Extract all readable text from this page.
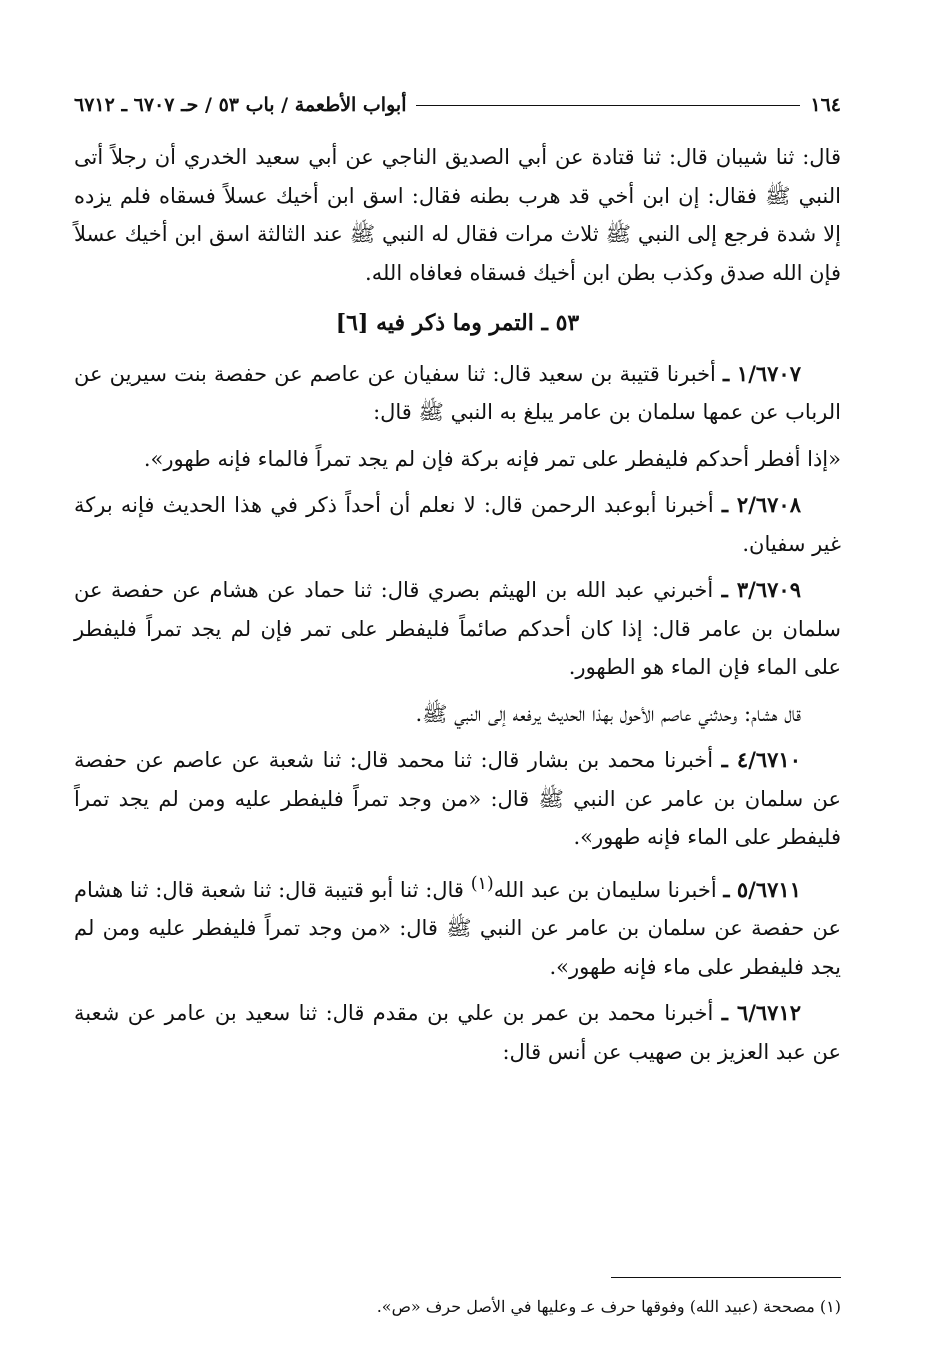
١٦٤
أبواب الأطعمة / باب ٥٣ / حـ ٦٧٠٧ ـ ٦٧١٢

قال: ثنا شيبان قال: ثنا قتادة عن أبي الصديق الناجي عن أبي سعيد الخدري أن رجلاً أتى النبي ﷺ فقال: إن ابن أخي قد هرب بطنه فقال: اسق ابن أخيك عسلاً فسقاه فلم يزده إلا شدة فرجع إلى النبي ﷺ ثلاث مرات فقال له النبي ﷺ عند الثالثة اسق ابن أخيك عسلاً فإن الله صدق وكذب بطن ابن أخيك فسقاه فعافاه الله.

٥٣ ـ التمر وما ذكر فيه [٦]

١/٦٧٠٧ ـ أخبرنا قتيبة بن سعيد قال: ثنا سفيان عن عاصم عن حفصة بنت سيرين عن الرباب عن عمها سلمان بن عامر يبلغ به النبي ﷺ قال:

«إذا أفطر أحدكم فليفطر على تمر فإنه بركة فإن لم يجد تمراً فالماء فإنه طهور».

٢/٦٧٠٨ ـ أخبرنا أبوعبد الرحمن قال: لا نعلم أن أحداً ذكر في هذا الحديث فإنه بركة غير سفيان.

٣/٦٧٠٩ ـ أخبرني عبد الله بن الهيثم بصري قال: ثنا حماد عن هشام عن حفصة عن سلمان بن عامر قال: إذا كان أحدكم صائماً فليفطر على تمر فإن لم يجد تمراً فليفطر على الماء فإن الماء هو الطهور.

قال هشام: وحدثني عاصم الأحول بهذا الحديث يرفعه إلى النبي ﷺ.

٤/٦٧١٠ ـ أخبرنا محمد بن بشار قال: ثنا محمد قال: ثنا شعبة عن عاصم عن حفصة عن سلمان بن عامر عن النبي ﷺ قال: «من وجد تمراً فليفطر عليه ومن لم يجد تمراً فليفطر على الماء فإنه طهور».

٥/٦٧١١ ـ أخبرنا سليمان بن عبد الله$^{(١)}$ قال: ثنا أبو قتيبة قال: ثنا شعبة قال: ثنا هشام عن حفصة عن سلمان بن عامر عن النبي ﷺ قال: «من وجد تمراً فليفطر عليه ومن لم يجد فليفطر على ماء فإنه طهور».

٦/٦٧١٢ ـ أخبرنا محمد بن عمر بن علي بن مقدم قال: ثنا سعيد بن عامر عن شعبة عن عبد العزيز بن صهيب عن أنس قال:

(١) مصححة (عبيد الله) وفوقها حرف عـ وعليها في الأصل حرف «ص».
